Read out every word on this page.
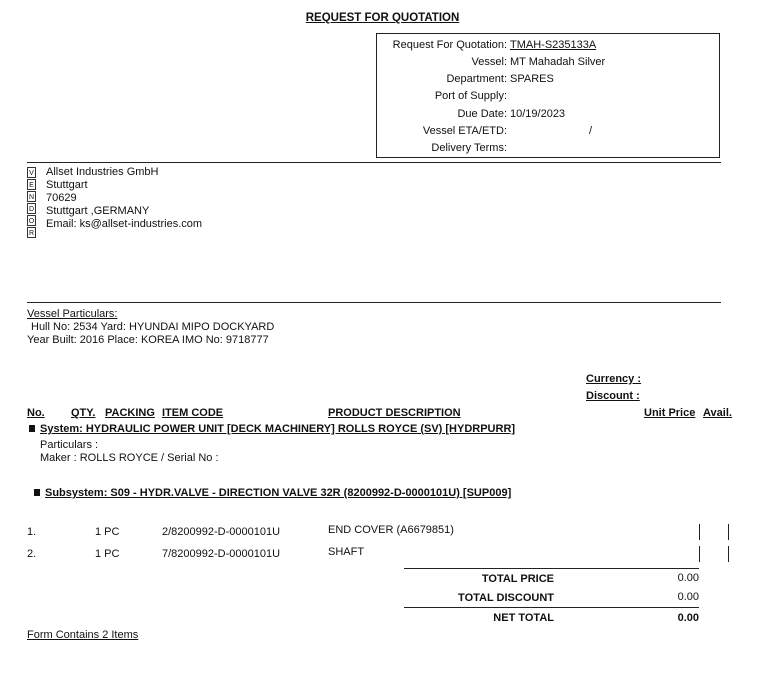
REQUEST FOR QUOTATION
Request For Quotation: TMAH-S235133A
Vessel: MT Mahadah Silver
Department: SPARES
Port of Supply:
Due Date: 10/19/2023
Vessel ETA/ETD:	/
Delivery Terms:
V
E
N
D
O
R
Allset Industries GmbH
Stuttgart
70629
Stuttgart ,GERMANY
Email: ks@allset-industries.com
Vessel Particulars:
Hull No: 2534 Yard: HYUNDAI MIPO DOCKYARD
Year Built: 2016 Place: KOREA IMO No: 9718777
Currency :
Discount :
No. QTY. PACKING ITEM CODE	PRODUCT DESCRIPTION	Unit Price Avail.
System: HYDRAULIC POWER UNIT [DECK MACHINERY] ROLLS ROYCE (SV) [HYDRPURR]
Particulars :
Maker : ROLLS ROYCE / Serial No :
Subsystem: S09 - HYDR.VALVE - DIRECTION VALVE 32R (8200992-D-0000101U) [SUP009]
1.	1 PC	2/8200992-D-0000101U	END COVER (A6679851)
2.	1 PC	7/8200992-D-0000101U	SHAFT
TOTAL PRICE	0.00
TOTAL DISCOUNT	0.00
NET TOTAL	0.00
Form Contains 2 Items
